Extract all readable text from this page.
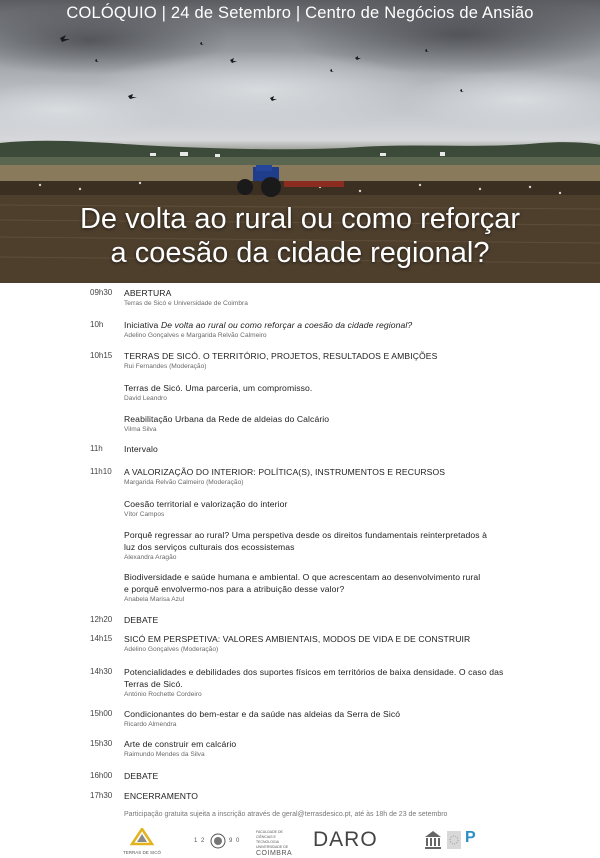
COLÓQUIO | 24 de Setembro | Centro de Negócios de Ansião
De volta ao rural ou como reforçar
a coesão da cidade regional?
09h30	ABERTURA
Terras de Sicó e Universidade de Coimbra
10h	Iniciativa De volta ao rural ou como reforçar a coesão da cidade regional?
Adelino Gonçalves e Margarida Relvão Calmeiro
10h15	TERRAS DE SICÓ. O TERRITÓRIO, PROJETOS, RESULTADOS E AMBIÇÕES
Rui Fernandes (Moderação)
Terras de Sicó. Uma parceria, um compromisso.
David Leandro
Reabilitação Urbana da Rede de aldeias do Calcário
Vilma Silva
11h	Intervalo
11h10	A VALORIZAÇÃO DO INTERIOR: POLÍTICA(S), INSTRUMENTOS E RECURSOS
Margarida Relvão Calmeiro (Moderação)
Coesão territorial e valorização do interior
Vítor Campos
Porquê regressar ao rural? Uma perspetiva desde os direitos fundamentais reinterpretados à
luz dos serviços culturais dos ecossistemas
Alexandra Aragão
Biodiversidade e saúde humana e ambiental. O que acrescentam ao desenvolvimento rural
e porquê envolvermo-nos para a atribuição desse valor?
Anabela Marisa Azul
12h20	DEBATE
14h15	SICÓ EM PERSPETIVA: VALORES AMBIENTAIS, MODOS DE VIDA E DE CONSTRUIR
Adelino Gonçalves (Moderação)
14h30	Potencialidades e debilidades dos suportes físicos em territórios de baixa densidade. O caso das
Terras de Sicó.
António Rochette Cordeiro
15h00	Condicionantes do bem-estar e da saúde nas aldeias da Serra de Sicó
Ricardo Almendra
15h30	Arte de construir em calcário
Raimundo Mendes da Silva
16h00	DEBATE
17h30	ENCERRAMENTO
Participação gratuita sujeita a inscrição através de geral@terrasdesico.pt, até às 18h de 23 de setembro
TERRAS DE SICÓ
1 2	9 0
FACULDADE DE
CIÊNCIAS E TECNOLOGIA
UNIVERSIDADE DE
COIMBRA
DARO	P
